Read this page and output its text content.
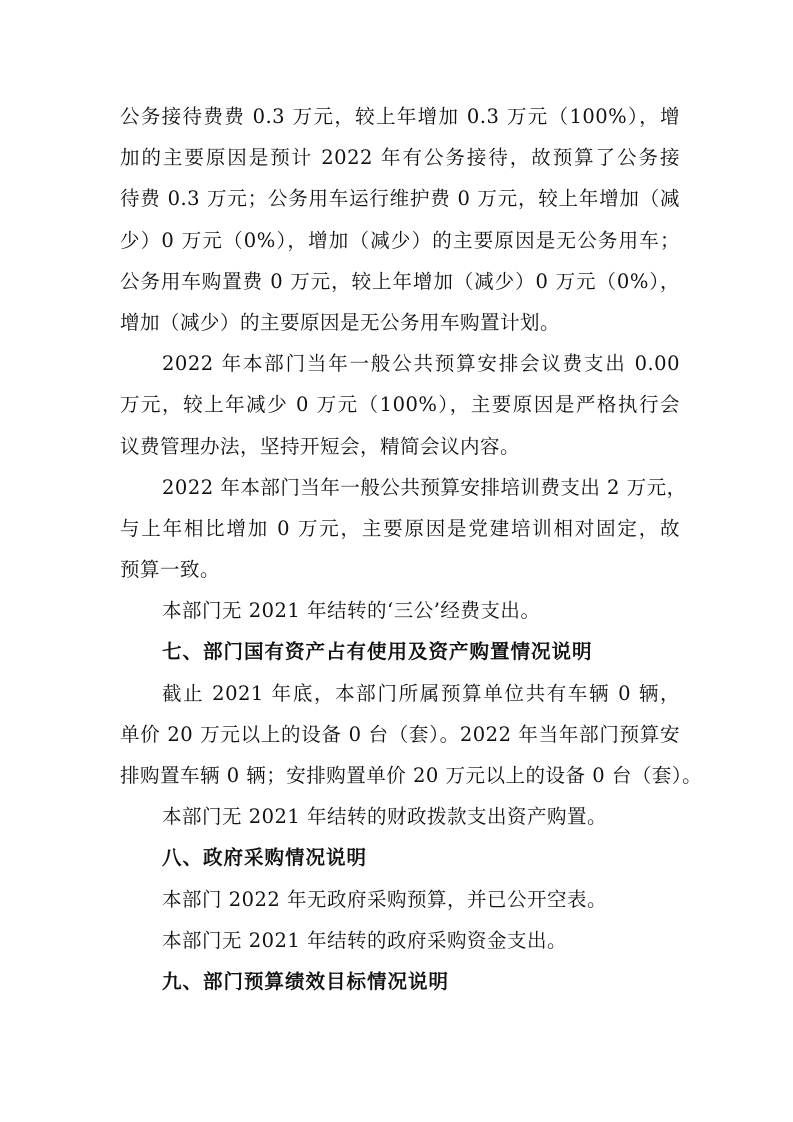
公务接待费费 0.3 万元，较上年增加 0.3 万元（100%），增
加的主要原因是预计 2022 年有公务接待，故预算了公务接
待费 0.3 万元；公务用车运行维护费 0 万元，较上年增加（减
少）0 万元（0%），增加（减少）的主要原因是无公务用车；
公务用车购置费 0 万元，较上年增加（减少）0 万元（0%），
增加（减少）的主要原因是无公务用车购置计划。
2022 年本部门当年一般公共预算安排会议费支出 0.00
万元，较上年减少 0 万元（100%），主要原因是严格执行会
议费管理办法，坚持开短会，精简会议内容。
2022 年本部门当年一般公共预算安排培训费支出 2 万元，
与上年相比增加 0 万元，主要原因是党建培训相对固定，故
预算一致。
本部门无 2021 年结转的‘三公’经费支出。
七、部门国有资产占有使用及资产购置情况说明
截止 2021 年底，本部门所属预算单位共有车辆 0 辆，
单价 20 万元以上的设备 0 台（套）。2022 年当年部门预算安
排购置车辆 0 辆；安排购置单价 20 万元以上的设备 0 台（套）。
本部门无 2021 年结转的财政拨款支出资产购置。
八、政府采购情况说明
本部门 2022 年无政府采购预算，并已公开空表。
本部门无 2021 年结转的政府采购资金支出。
九、部门预算绩效目标情况说明
